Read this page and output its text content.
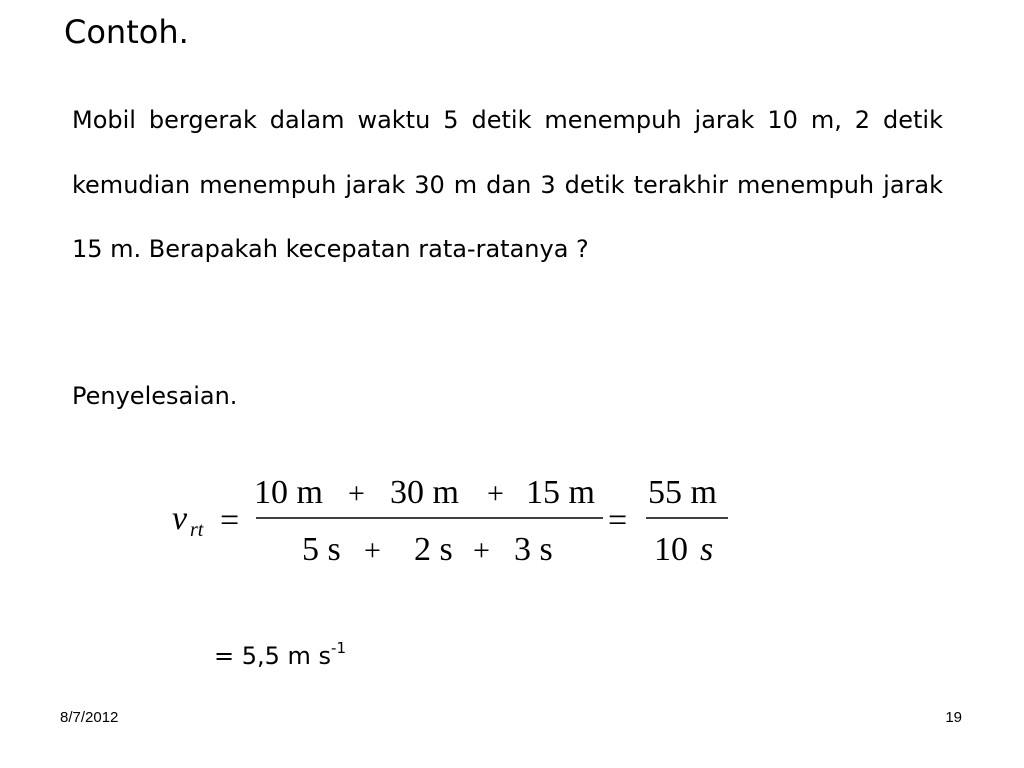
Contoh.

Mobil bergerak dalam waktu 5 detik menempuh jarak 10 m, 2 detik kemudian menempuh jarak 30 m dan 3 detik terakhir menempuh jarak 15 m. Berapakah kecepatan rata-ratanya ?

Penyelesaian.
v rt =
10 m + 30 m + 15 m
5 s + 2 s + 3 s
=
55 m
10 s
= 5,5 m $s^{-1}$
8/7/2012	19
